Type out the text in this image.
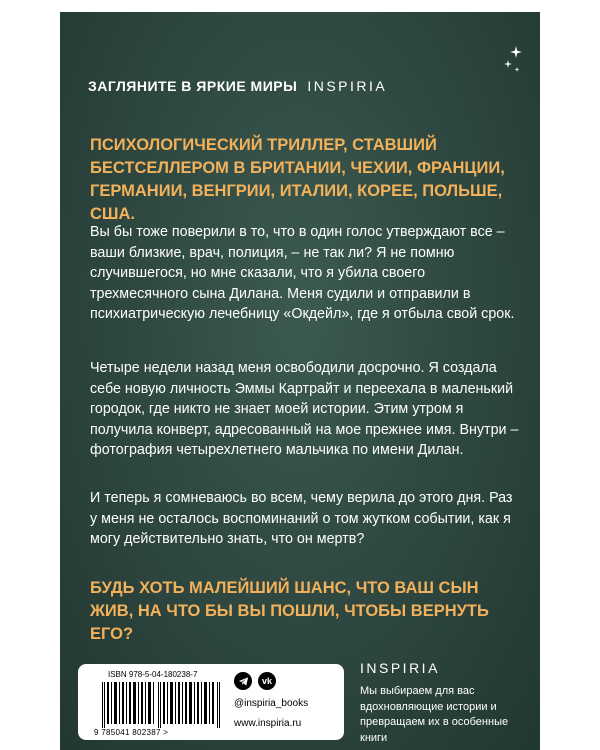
ЗАГЛЯНИТЕ В ЯРКИЕ МИРЫ INSPIRIA

ПСИХОЛОГИЧЕСКИЙ ТРИЛЛЕР, СТАВШИЙ БЕСТСЕЛЛЕРОМ В БРИТАНИИ, ЧЕХИИ, ФРАНЦИИ, ГЕРМАНИИ, ВЕНГРИИ, ИТАЛИИ, КОРЕЕ, ПОЛЬШЕ, США.

Вы бы тоже поверили в то, что в один голос утверждают все – ваши близкие, врач, полиция, – не так ли? Я не помню случившегося, но мне сказали, что я убила своего трехмесячного сына Дилана. Меня судили и отправили в психиатрическую лечебницу «Окдейл», где я отбыла свой срок.

Четыре недели назад меня освободили досрочно. Я создала себе новую личность Эммы Картрайт и переехала в маленький городок, где никто не знает моей истории. Этим утром я получила конверт, адресованный на мое прежнее имя. Внутри – фотография четырехлетнего мальчика по имени Дилан.

И теперь я сомневаюсь во всем, чему верила до этого дня. Раз у меня не осталось воспоминаний о том жутком событии, как я могу действительно знать, что он мертв?

БУДЬ ХОТЬ МАЛЕЙШИЙ ШАНС, ЧТО ВАШ СЫН ЖИВ, НА ЧТО БЫ ВЫ ПОШЛИ, ЧТОБЫ ВЕРНУТЬ ЕГО?

ISBN 978-5-04-180238-7
9 785041 802387 >
vk
@inspiria_books
www.inspiria.ru
INSPIRIA

Мы выбираем для вас вдохновляющие истории и превращаем их в особенные книги
